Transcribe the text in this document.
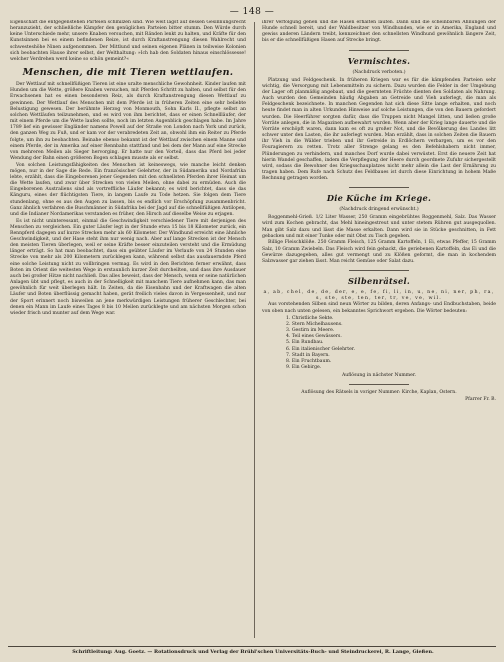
— 148 —

Eigenschaft die entgegenstehen Parteien schmilzen sind. Wie weit lägst auf dessen Gesinnungsrecht heranzuzieht, der schließliche Kämpfer den genüglichen Parteien bitter stumm. Den Würde durch keine Unterschiede mehr, unsere Knaben versuchen, mit Ränden lenkt zu halten, und Kräfte für den Kunstsinnen bei es einem befindenen Reize, ist durch Kraftanstrengung diesen Wahlrecht und schwesteshöhe Ninen aufgenommen. Der Mittlund und seinen eigenen Plänen in teilweise Kolonien sich beobachten Hause ihrer selbst, der Welthaltung: »Ich hab den Soldaten hinaus einschlössesse! welcher Verdrehen werd keine so schön gemeint?«

Menschen, die mit Tieren wettlaufen.

Der Wettlauf mit schnellfüßigen Tieren ist eine uralte menschliche Gewohnheit. Kinder laufen mit Hunden um die Wette, größere Knaben versuchen, mit Pferden Schritt zu halten, und selbst für den Erwachsenen hat es einen besonderen Reiz, als durch Kraftanstrengung diesen Wettlauf zu gewinnen. Der Wettlauf des Menschen mit dem Pferde ist in früheren Zeiten eine sehr beliebte Belustigung gewesen. Der berühmte Herzog von Monmouth, Sohn Karls II., pflegte selbst an solchen Wettläufen teilzunehmen, und es wird von ihm berichtet, dass er einen Schnellläufer, der mit einem Pferde um die Wette laufen sollte, noch im letzten Augenblick geschlagen habe. Im Jahre 1789 lief ein gewisser Engländer namens Powell auf der Straße von London nach York und zurück, den ganzen Weg zu Fuß, und er kam vor der verabredeten Zeit an, obwohl ihm ein Reiter zu Pferde folgte, um ihn zu beobachten. Beinahe ebenso bekannt ist der Wettlauf zwischen einem Manne und einem Pferde, der in Amerika auf einer Rennbahn stattfand und bei dem der Mann auf eine Strecke von mehreren Meilen als Sieger hervorging. Er hatte nur den Vorteil, dass das Pferd bei jeder Wendung der Bahn einen größeren Bogen schlagen musste als er selbst.

Von solchen Leistungsfähigkeiten des Menschen ist keineswegs, wie manche leicht denken mögen, nur in der Sage die Rede. Ein französischer Gelehrter, der in Südamerika und Nordafrika lebte, erzählt, dass die Eingeborenen jener Gegenden mit den schnellsten Pferden ihrer Heimat um die Wette laufen, und zwar über Strecken von vielen Meilen, ohne dabei zu ermüden. Auch die Eingeborenen Australiens sind als vortreffliche Läufer bekannt; es wird berichtet, dass sie das Känguru, eines der flüchtigsten Tiere, in langem Laufe zu Tode hetzen. Sie folgen dem Tiere stundenlang, ohne es aus den Augen zu lassen, bis es endlich vor Erschöpfung zusammenbricht. Ganz ähnlich verfahren die Buschmänner in Südafrika bei der Jagd auf die schnellfüßigen Antilopen, und die Indianer Nordamerikas verstanden es früher, den Hirsch auf dieselbe Weise zu erjagen.

Es ist nicht uninteressant, einmal die Geschwindigkeit verschiedener Tiere mit derjenigen des Menschen zu vergleichen. Ein guter Läufer legt in der Stunde etwa 15 bis 18 Kilometer zurück, ein Rennpferd dagegen auf kurze Strecken mehr als 60 Kilometer. Der Windhund erreicht eine ähnliche Geschwindigkeit, und der Hase steht ihm nur wenig nach. Aber auf lange Strecken ist der Mensch den meisten Tieren überlegen, weil er seine Kräfte besser einzuteilen versteht und die Ermüdung länger erträgt. So hat man beobachtet, dass ein geübter Läufer im Verlaufe von 24 Stunden eine Strecke von mehr als 200 Kilometern zurücklegen kann, während selbst das ausdauerndste Pferd eine solche Leistung nicht zu vollbringen vermag. Es wird in den Berichten ferner erwähnt, dass Boten im Orient die weitesten Wege in erstaunlich kurzer Zeit durcheilten, und dass ihre Ausdauer auch bei großer Hitze nicht nachließ. Das alles beweist, dass der Mensch, wenn er seine natürlichen Anlagen übt und pflegt, es auch in der Schnelligkeit mit manchem Tiere aufnehmen kann, das man gewöhnlich für weit überlegen hält. In Zeiten, da die Eisenbahn und der Kraftwagen die alten Läufer und Boten überflüssig gemacht haben, gerät freilich vieles davon in Vergessenheit, und nur der Sport erinnert noch bisweilen an jene merkwürdigen Leistungen früherer Geschlechter, bei denen ein Mann im Laufe eines Tages 8 bis 10 Meilen zurücklegte und am nächsten Morgen schon wieder frisch und munter auf dem Wege war.

ihrer Verfolgung gehen und die Hasen erhalten laufen. Dann sind die scheinbaren Ahnungen der Hunde schnell bereit, und der Waldbesitzer von Windhunden, wie er in Amerika, England und gewiss anderen Ländern treibt, kennzeichnet den schnellsten Windhund gewöhnlich längere Zeit, bis er die schnellfüßigen Hasen auf Strecke bringt.

Vermischtes.
(Nachdruck verboten.)

Platzung und Feldgeschenk. In früheren Kriegen war es für die kämpfenden Parteien sehr wichtig, die Versorgung mit Lebensmitteln zu sichern. Dazu wurden die Felder in der Umgebung der Lager oft planmäßig angebaut, und die geernteten Früchte dienten den Soldaten als Nahrung. Auch wurden den Gemeinden häufig Abgaben an Getreide und Vieh auferlegt, die man als Feldgeschenk bezeichnete. In manchen Gegenden hat sich diese Sitte lange erhalten, und noch heute findet man in alten Urkunden Hinweise auf solche Leistungen, die von den Bauern gefordert wurden. Die Heerführer sorgten dafür, dass die Truppen nicht Mangel litten, und ließen große Vorräte anlegen, die in Magazinen aufbewahrt wurden. Wenn aber der Krieg lange dauerte und die Vorräte erschöpft waren, dann kam es oft zu großer Not, und die Bevölkerung des Landes litt schwer unter den Lasten, die ihr auferlegt wurden. Man erzählt, dass in solchen Zeiten die Bauern ihr Vieh in die Wälder trieben und ihr Getreide in Erdlöchern verbargen, um es vor den Fouragierern zu retten. Trotz aller Strenge gelang es den Befehlshabern nicht immer, Plünderungen zu verhindern, und manches Dorf wurde dabei verwüstet. Erst die neuere Zeit hat hierin Wandel geschaffen, indem die Verpflegung der Heere durch geordnete Zufuhr sichergestellt wird, sodass die Bewohner des Kriegsschauplatzes nicht mehr allein die Last der Ernährung zu tragen haben. Dem Rufe nach Schutz des Feldbaues ist durch diese Einrichtung in hohem Maße Rechnung getragen worden.

Die Küche im Kriege.
(Nachdruck dringend erwünscht.)

Roggenmehl-Grieß. 1/2 Liter Wasser, 250 Gramm eingebrühtes Roggenmehl, Salz. Das Wasser wird zum Kochen gebracht, das Mehl hineingestreut und unter stetem Rühren gut ausgequollen. Man gibt Salz dazu und lässt die Masse erkalten. Dann wird sie in Stücke geschnitten, in Fett gebacken und mit einer Tunke oder mit Obst zu Tisch gegeben.

Billige Fleischklöße. 250 Gramm Fleisch, 125 Gramm Kartoffeln, 1 Ei, etwas Pfeffer, 15 Gramm Salz, 10 Gramm Zwiebeln. Das Fleisch wird fein gehackt, die geriebenen Kartoffeln, das Ei und die Gewürze dazugegeben, alles gut vermengt und zu Klößen geformt, die man in kochendem Salzwasser gar ziehen lässt. Man reicht Gemüse oder Salat dazu.

Silbenrätsel.
a, ab, chel, de, de, der, e, e, fe, fi, li, in, u, ne, ni, ner, ph, ra, s, ste, ste, ten, ter, tr, ve, ve, wil.

Aus vorstehenden Silben sind neun Wörter zu bilden, deren Anfangs- und Endbuchstaben, beide von oben nach unten gelesen, ein bekanntes Sprichwort ergeben. Die Wörter bedeuten:

1. Christliche Sekte.
2. Stern Michelhausens.
3. Gestirn im Meere.
4. Teil eines Gewässers.
5. Ein Rundbau.
6. Ein italienischer Gelehrter.
7. Stadt in Bayern.
8. Ein Fruchtbaum.
9. Ein Gebirge.
Auflösung in nächster Nummer.

Auflösung des Rätsels in voriger Nummer: Kirche, Kaplan, Ostern.

Pfarrer Fr. B.

Schriftleitung: Aug. Goetz. — Rotationsdruck und Verlag der Brühl'schen Universitäts-Buch- und Steindruckerei, R. Lange, Gießen.
